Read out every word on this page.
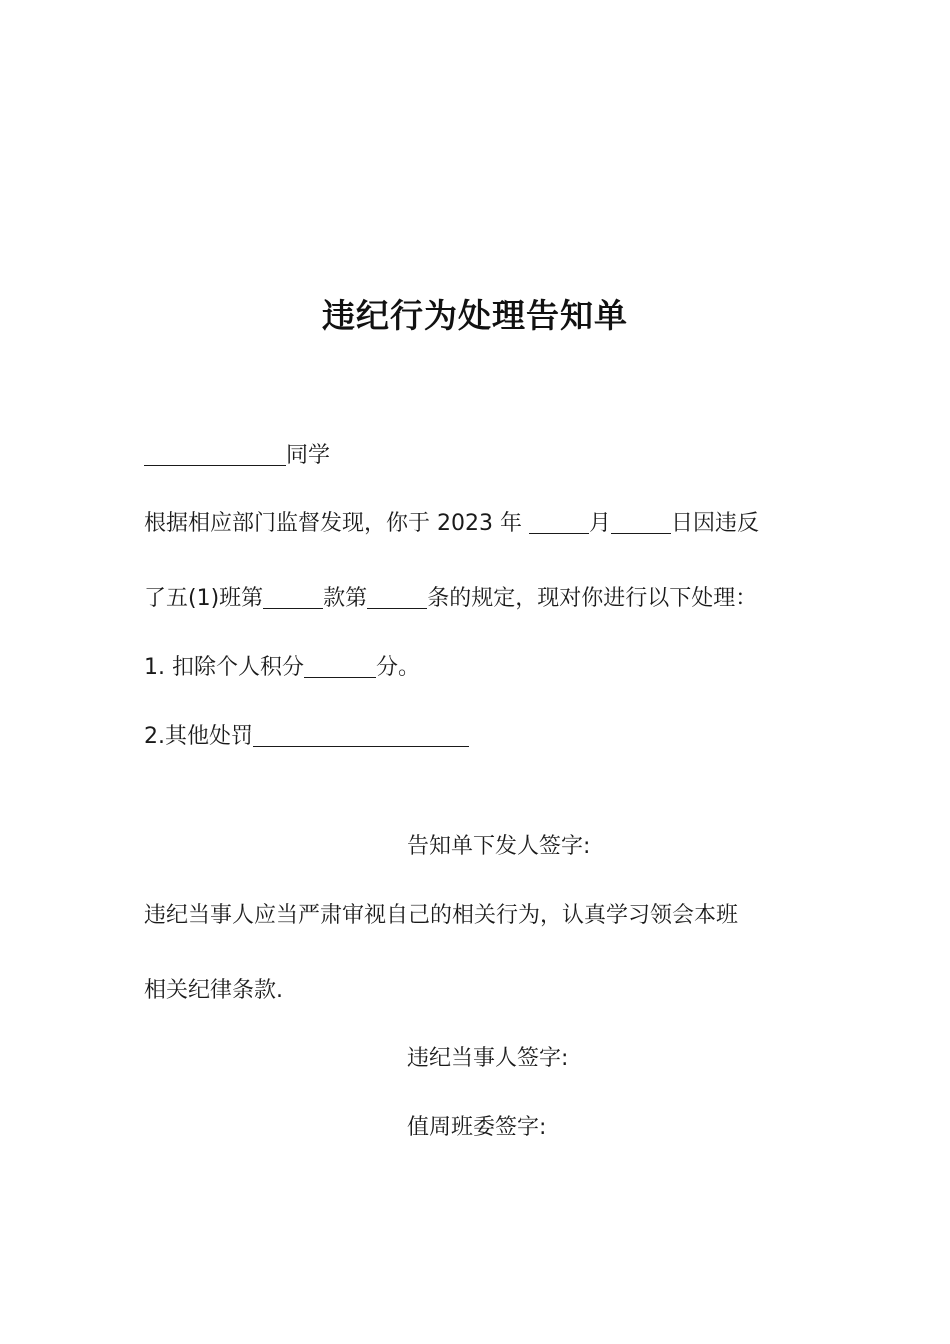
违纪行为处理告知单
同学
根据相应部门监督发现，你于 2023 年	月	日因违反
了五(1)班第	款第	条的规定，现对你进行以下处理：
1. 扣除个人积分	分。
2.其他处罚
告知单下发人签字:
违纪当事人应当严肃审视自己的相关行为，认真学习领会本班
相关纪律条款.
违纪当事人签字:
值周班委签字:
